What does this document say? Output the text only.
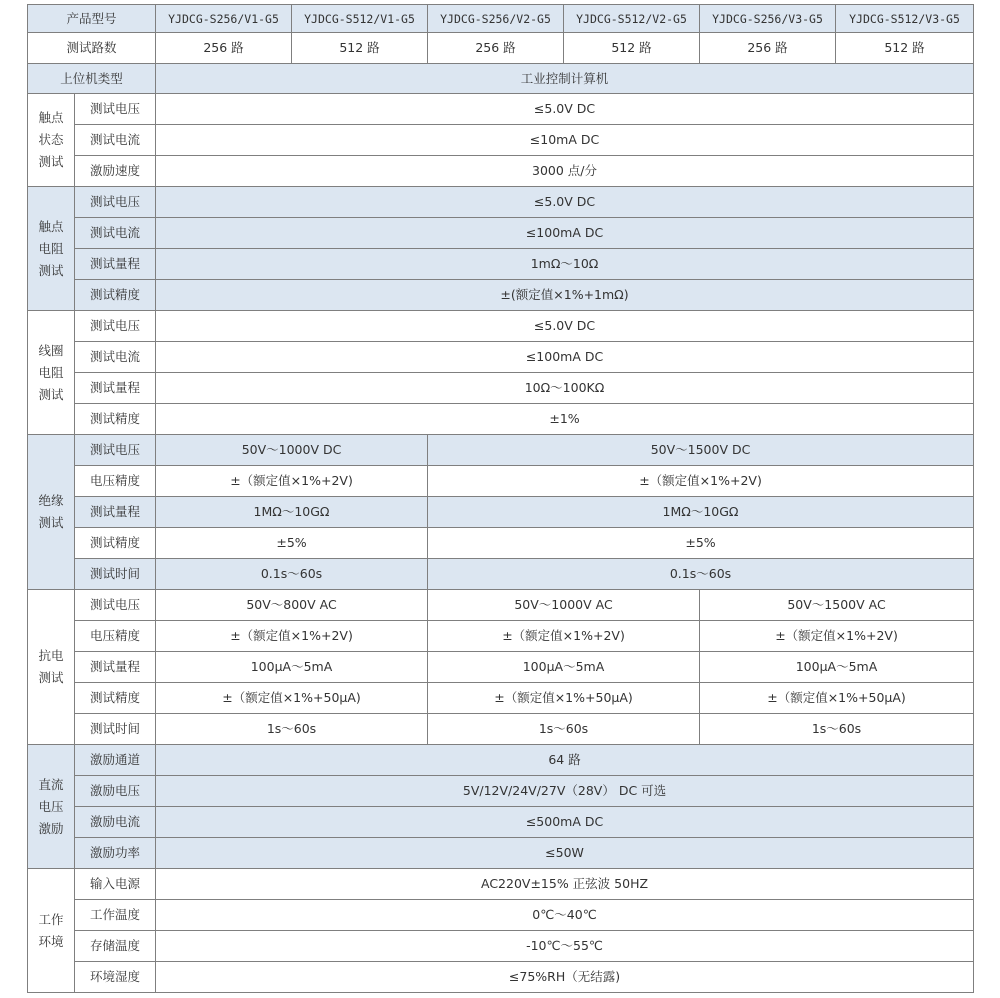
产品型号		YJDCG-S256/V1-G5	YJDCG-S512/V1-G5	YJDCG-S256/V2-G5	YJDCG-S512/V2-G5	YJDCG-S256/V3-G5	YJDCG-S512/V3-G5
测试路数		256 路	512 路	256 路	512 路	256 路	512 路
上位机类型		工业控制计算机					

触点
状态
测试	测试电压	≤5.0V DC					
	测试电流	≤10mA DC					
	激励速度	3000 点/分					

触点
电阻
测试	测试电压	≤5.0V DC					
	测试电流	≤100mA DC					
	测试量程	1mΩ～10Ω					
	测试精度	±(额定值×1%+1mΩ)					

线圈
电阻
测试	测试电压	≤5.0V DC					
	测试电流	≤100mA DC					
	测试量程	10Ω～100KΩ					
	测试精度	±1%					

绝缘
测试	测试电压	50V～1000V DC		50V～1500V DC			
	电压精度	±（额定值×1%+2V)		±（额定值×1%+2V)			
	测试量程	1MΩ～10GΩ		1MΩ～10GΩ			
	测试精度	±5%		±5%			
	测试时间	0.1s～60s		0.1s～60s			

抗电
测试	测试电压	50V～800V AC		50V～1000V AC		50V～1500V AC	
	电压精度	±（额定值×1%+2V)		±（额定值×1%+2V)		±（额定值×1%+2V)	
	测试量程	100μA～5mA		100μA～5mA		100μA～5mA	
	测试精度	±（额定值×1%+50μA)		±（额定值×1%+50μA)		±（额定值×1%+50μA)	
	测试时间	1s～60s		1s～60s		1s～60s	

直流
电压
激励	激励通道	64 路					
	激励电压	5V/12V/24V/27V（28V） DC 可选					
	激励电流	≤500mA DC					
	激励功率	≤50W					

工作
环境	输入电源	AC220V±15% 正弦波 50HZ					
	工作温度	0℃～40℃					
	存储温度	-10℃～55℃					
	环境湿度	≤75%RH（无结露)					
